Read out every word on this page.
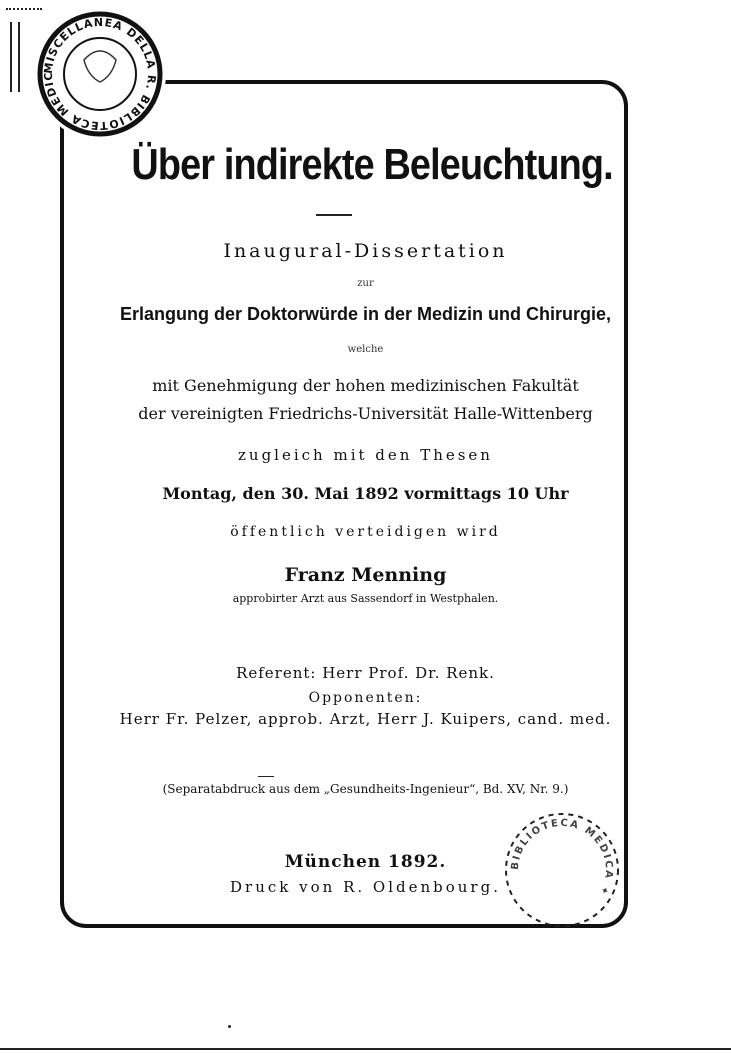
MISCELLANEA DELLA R. BIBLIOTECA MEDIC
Über indirekte Beleuchtung.
Inaugural-Dissertation
zur
Erlangung der Doktorwürde in der Medizin und Chirurgie,
welche
mit Genehmigung der hohen medizinischen Fakultät
der vereinigten Friedrichs-Universität Halle-Wittenberg
zugleich mit den Thesen
Montag, den 30. Mai 1892 vormittags 10 Uhr
öffentlich verteidigen wird
Franz Menning
approbirter Arzt aus Sassendorf in Westphalen.
Referent: Herr Prof. Dr. Renk.
Opponenten:
Herr Fr. Pelzer, approb. Arzt, Herr J. Kuipers, cand. med.
(Separatabdruck aus dem „Gesundheits-Ingenieur“, Bd. XV, Nr. 9.)
München 1892.
Druck von R. Oldenbourg.
BIBLIOTECA MEDICA ✦
